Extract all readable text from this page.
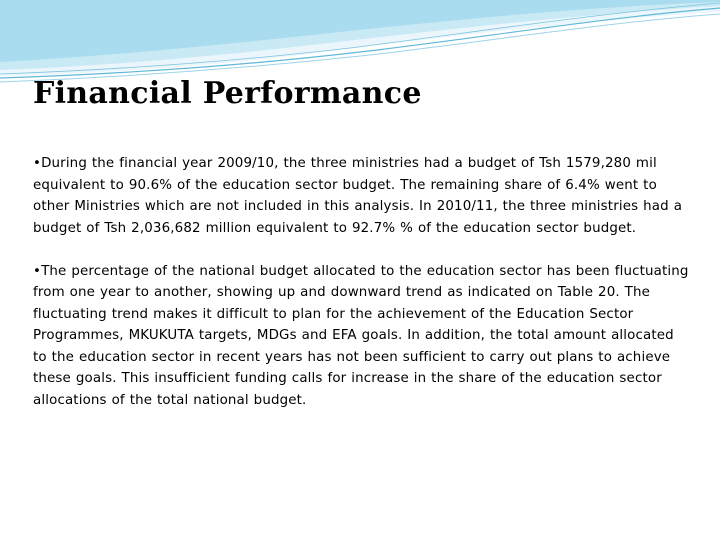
Financial Performance

•During the financial year 2009/10, the three ministries had a budget of Tsh 1579,280 mil equivalent to 90.6% of the education sector budget. The remaining share of 6.4% went to other Ministries which are not included in this analysis. In 2010/11, the three ministries had a budget of Tsh 2,036,682 million equivalent to 92.7% % of the education sector budget.

•The percentage of the national budget allocated to the education sector has been fluctuating from one year to another, showing up and downward trend as indicated on Table 20. The fluctuating trend makes it difficult to plan for the achievement of the Education Sector Programmes, MKUKUTA targets, MDGs and EFA goals. In addition, the total amount allocated to the education sector in recent years has not been sufficient to carry out plans to achieve these goals. This insufficient funding calls for increase in the share of the education sector allocations of the total national budget.
